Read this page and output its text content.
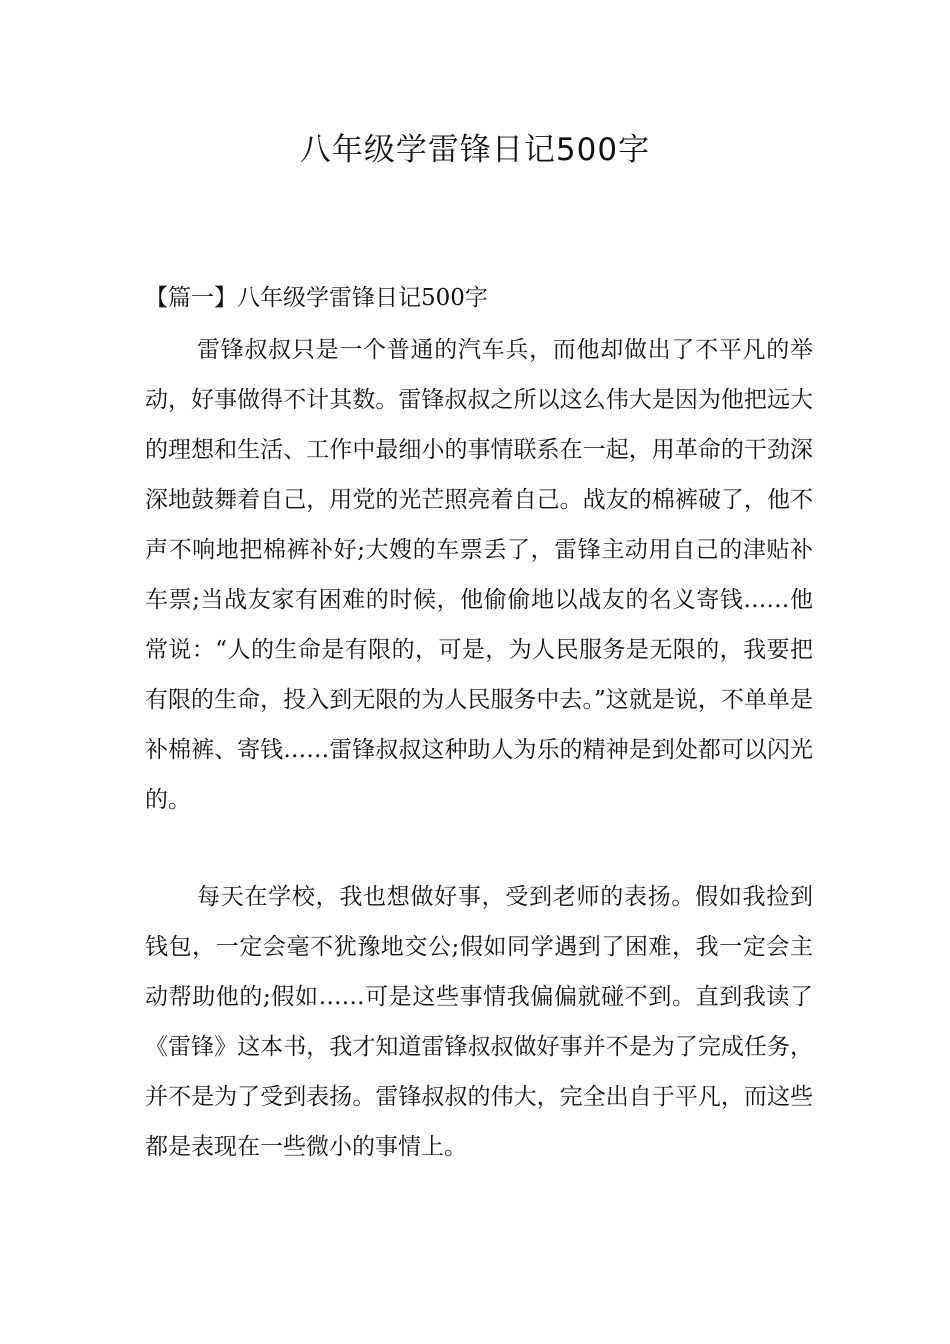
八年级学雷锋日记500字

【篇一】八年级学雷锋日记500字

雷锋叔叔只是一个普通的汽车兵，而他却做出了不平凡的举动，好事做得不计其数。雷锋叔叔之所以这么伟大是因为他把远大的理想和生活、工作中最细小的事情联系在一起，用革命的干劲深深地鼓舞着自己，用党的光芒照亮着自己。战友的棉裤破了，他不声不响地把棉裤补好;大嫂的车票丢了，雷锋主动用自己的津贴补车票;当战友家有困难的时候，他偷偷地以战友的名义寄钱……他常说：“人的生命是有限的，可是，为人民服务是无限的，我要把有限的生命，投入到无限的为人民服务中去。”这就是说，不单单是补棉裤、寄钱……雷锋叔叔这种助人为乐的精神是到处都可以闪光的。

每天在学校，我也想做好事，受到老师的表扬。假如我捡到钱包，一定会毫不犹豫地交公;假如同学遇到了困难，我一定会主动帮助他的;假如……可是这些事情我偏偏就碰不到。直到我读了《雷锋》这本书，我才知道雷锋叔叔做好事并不是为了完成任务，并不是为了受到表扬。雷锋叔叔的伟大，完全出自于平凡，而这些都是表现在一些微小的事情上。
